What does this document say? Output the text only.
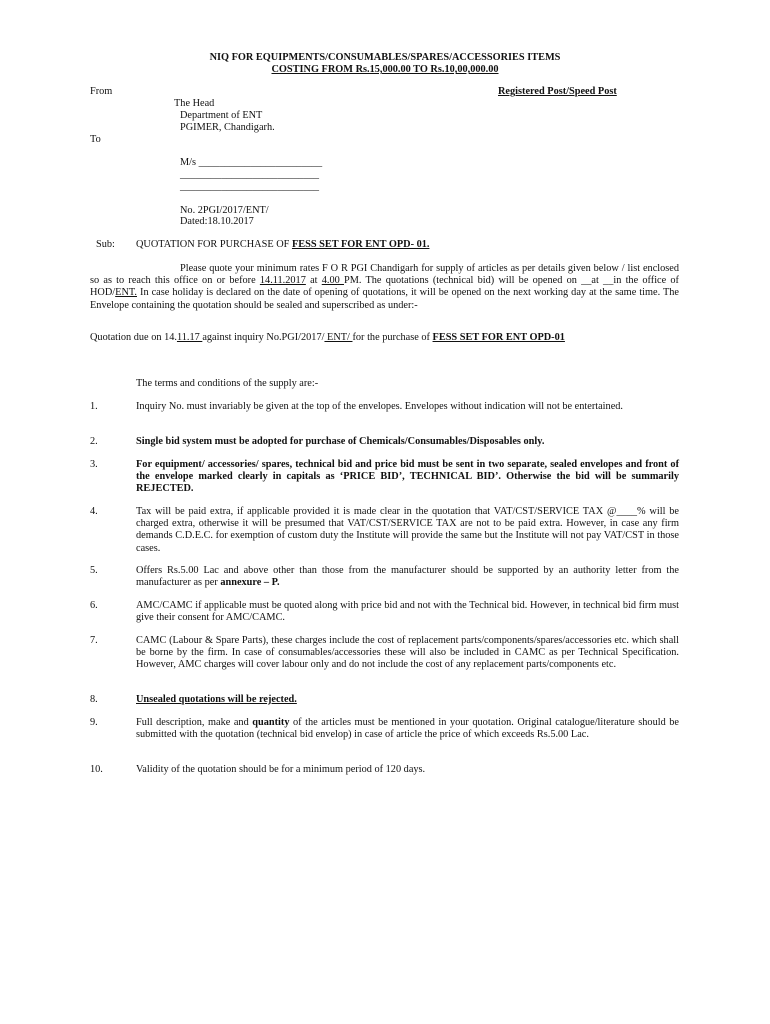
NIQ FOR EQUIPMENTS/CONSUMABLES/SPARES/ACCESSORIES ITEMS
COSTING FROM Rs.15,000.00 TO Rs.10,00,000.00
From	Registered Post/Speed Post
The Head
Department of ENT
PGIMER, Chandigarh.
To
M/s ________________________
___________________________
___________________________
No. 2PGI/2017/ENT/
Dated:18.10.2017
Sub: QUOTATION FOR PURCHASE OF FESS SET FOR ENT OPD- 01.
Please quote your minimum rates F O R PGI Chandigarh for supply of articles as per details given below / list enclosed so as to reach this office on or before 14.11.2017 at 4.00 PM. The quotations (technical bid) will be opened on __at __in the office of HOD/ENT. In case holiday is declared on the date of opening of quotations, it will be opened on the next working day at the same time. The Envelope containing the quotation should be sealed and superscribed as under:-
Quotation due on 14.11.17 against inquiry No.PGI/2017/ ENT/ for the purchase of FESS SET FOR ENT OPD-01
The terms and conditions of the supply are:-
1.	Inquiry No. must invariably be given at the top of the envelopes. Envelopes without indication will not be entertained.
2.	Single bid system must be adopted for purchase of Chemicals/Consumables/Disposables only.
3.	For equipment/ accessories/ spares, technical bid and price bid must be sent in two separate, sealed envelopes and front of the envelope marked clearly in capitals as ‘PRICE BID’, TECHNICAL BID’. Otherwise the bid will be summarily REJECTED.
4.	Tax will be paid extra, if applicable provided it is made clear in the quotation that VAT/CST/SERVICE TAX @____% will be charged extra, otherwise it will be presumed that VAT/CST/SERVICE TAX are not to be paid extra. However, in case any firm demands C.D.E.C. for exemption of custom duty the Institute will provide the same but the Institute will not pay VAT/CST in those cases.
5.	Offers Rs.5.00 Lac and above other than those from the manufacturer should be supported by an authority letter from the manufacturer as per annexure – P.
6.	AMC/CAMC if applicable must be quoted along with price bid and not with the Technical bid. However, in technical bid firm must give their consent for AMC/CAMC.
7.	CAMC (Labour & Spare Parts), these charges include the cost of replacement parts/components/spares/accessories etc. which shall be borne by the firm. In case of consumables/accessories these will also be included in CAMC as per Technical Specification. However, AMC charges will cover labour only and do not include the cost of any replacement parts/components etc.
8.	Unsealed quotations will be rejected.
9.	Full description, make and quantity of the articles must be mentioned in your quotation. Original catalogue/literature should be submitted with the quotation (technical bid envelop) in case of article the price of which exceeds Rs.5.00 Lac.
10.	Validity of the quotation should be for a minimum period of 120 days.
